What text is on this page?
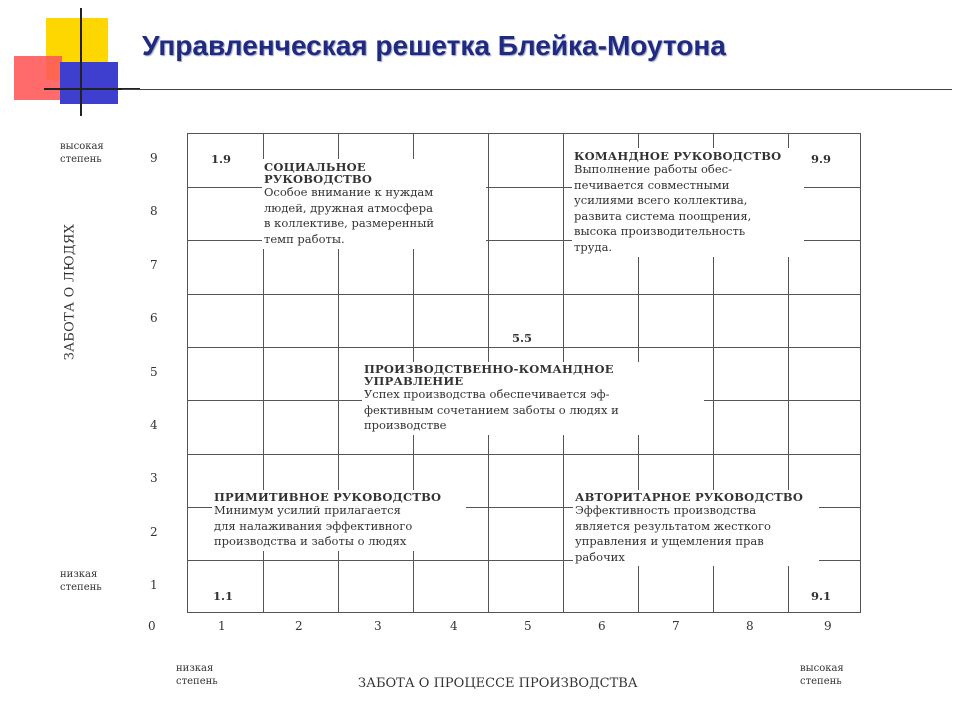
Управленческая решетка Блейка-Моутона
1.9
СОЦИАЛЬНОЕ
РУКОВОДСТВО
Особое внимание к нуждам
людей, дружная атмосфера
в коллективе, размеренный
темп работы.
КОМАНДНОЕ РУКОВОДСТВО
Выполнение работы обес-
печивается совместными
усилиями всего коллектива,
развита система поощрения,
высока производительность
труда.
9.9
5.5
ПРОИЗВОДСТВЕННО-КОМАНДНОЕ
УПРАВЛЕНИЕ
Успех производства обеспечивается эф-
фективным сочетанием заботы о людях и
производстве
ПРИМИТИВНОЕ РУКОВОДСТВО
Минимум усилий прилагается
для налаживания эффективного
производства и заботы о людях
1.1
АВТОРИТАРНОЕ РУКОВОДСТВО
Эффективность производства
является результатом жесткого
управления и ущемления прав
рабочих
9.1
9
8
7
6
5
4
3
2
1
0	1	2	3	4	5	6	7	8	9
высокая
степень
низкая
степень
низкая
степень
высокая
степень
ЗАБОТА О ЛЮДЯХ
ЗАБОТА О ПРОЦЕССЕ ПРОИЗВОДСТВА
